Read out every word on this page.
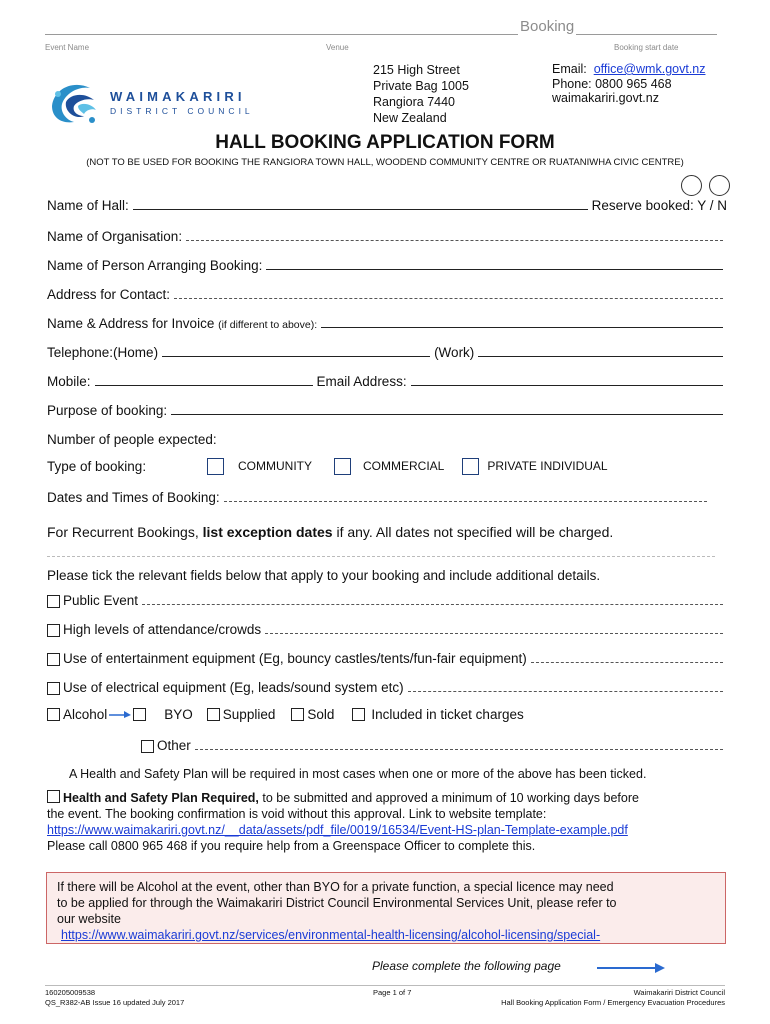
Booking
Event Name	Venue	Booking start date
WAIMAKARIRI
DISTRICT COUNCIL
215 High Street
Private Bag 1005
Rangiora 7440
New Zealand
Email: office@wmk.govt.nz
Phone: 0800 965 468
waimakariri.govt.nz
HALL BOOKING APPLICATION FORM
(NOT TO BE USED FOR BOOKING THE RANGIORA TOWN HALL, WOODEND COMMUNITY CENTRE OR RUATANIWHA CIVIC CENTRE)
Name of Hall:	Reserve booked: Y / N
Name of Organisation:
Name of Person Arranging Booking:
Address for Contact:
Name & Address for Invoice
(if different to above):
Telephone:(Home)	(Work)
Mobile:	Email Address:
Purpose of booking:
Number of people expected:
Type of booking:	COMMUNITY	COMMERCIAL	PRIVATE INDIVIDUAL
Dates and Times of Booking:
For Recurrent Bookings,
list exception dates
if any. All dates not specified will be charged.
Please tick the relevant fields below that apply to your booking and include additional details.
Public Event
High levels of attendance/crowds
Use of entertainment equipment (Eg, bouncy castles/tents/fun-fair equipment)
Use of electrical equipment (Eg, leads/sound system etc)
Alcohol	BYO Supplied Sold	Included in ticket charges
Other
A Health and Safety Plan will be required in most cases when one or more of the above has been ticked.
Health and Safety Plan Required, to be submitted and approved a minimum of 10 working days before
the event. The booking confirmation is void without this approval. Link to website template:
https://www.waimakariri.govt.nz/__data/assets/pdf_file/0019/16534/Event-HS-plan-Template-example.pdf
Please call 0800 965 468 if you require help from a Greenspace Officer to complete this.
If there will be Alcohol at the event, other than BYO for a private function, a special licence may need
to be applied for through the Waimakariri District Council Environmental Services Unit, please refer to
our website
https://www.waimakariri.govt.nz/services/environmental-health-licensing/alcohol-licensing/special-
Please complete the following page
160205009538
QS_R382-AB Issue 16 updated July 2017
Page 1 of 7	Waimakariri District Council
Hall Booking Application Form / Emergency Evacuation Procedures
